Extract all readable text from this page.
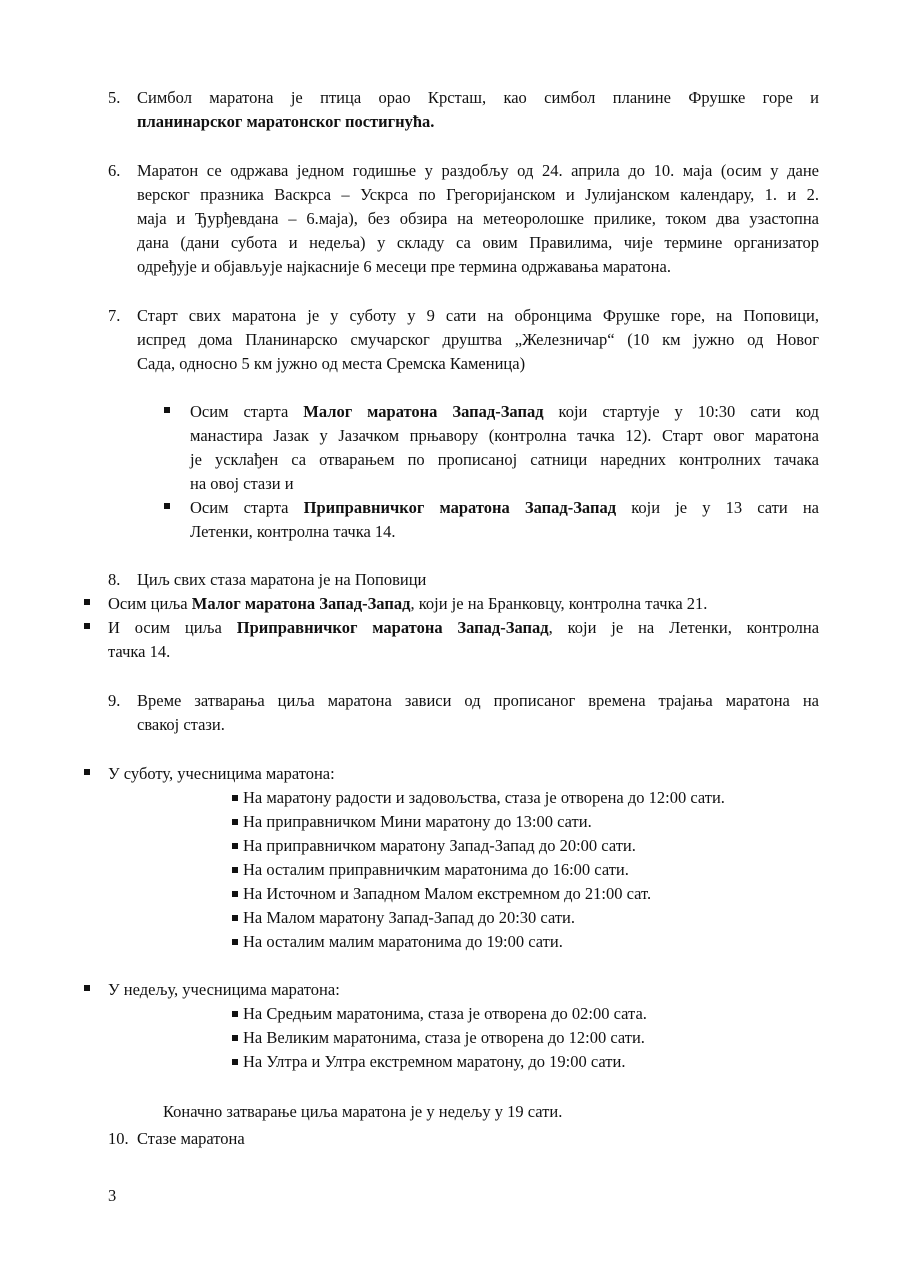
5. Симбол маратона је птица орао Крсташ, као симбол планине Фрушке горе и
планинарског маратонског постигнућа.
6. Маратон се одржава једном годишње у раздобљу од 24. априла до 10. маја (осим у дане
верског празника Васкрса – Ускрса по Грегоријанском и Јулијанском календару, 1. и 2.
маја и Ђурђевдана – 6.маја), без обзира на метеоролошке прилике, током два узастопна
дана (дани субота и недеља) у складу са овим Правилима, чије термине организатор
одређује и објављује најкасније 6 месеци пре термина одржавања маратона.
7. Старт свих маратона је у суботу у 9 сати на обронцима Фрушке горе, на Поповици,
испред дома Планинарско смучарског друштва „Железничар“ (10 км јужно од Новог
Сада, односно 5 км јужно од места Сремска Каменица)
Осим старта Малог маратона Запад-Запад који стартује у 10:30 сати код
манастира Јазак у Јазачком прњавору (контролна тачка 12). Старт овог маратона
је усклађен са отварањем по прописаној сатници наредних контролних тачака
на овој стази и
Осим старта Приправничког маратона Запад-Запад који је у 13 сати на
Летенки, контролна тачка 14.
8. Циљ свих стаза маратона је на Поповици
Осим циља Малог маратона Запад-Запад, који је на Бранковцу, контролна тачка 21.
И осим циља Приправничког маратона Запад-Запад, који је на Летенки, контролна
тачка 14.
9. Време затварања циља маратона зависи од прописаног времена трајања маратона на
свакој стази.
У суботу, учесницима маратона:
На маратону радости и задовољства, стаза је отворена до 12:00 сати.
На приправничком Мини маратону до 13:00 сати.
На приправничком маратону Запад-Запад до 20:00 сати.
На осталим приправничким маратонима до 16:00 сати.
На Источном и Западном Малом екстремном до 21:00 сат.
На Малом маратону Запад-Запад до 20:30 сати.
На осталим малим маратонима до 19:00 сати.
У недељу, учесницима маратона:
На Средњим маратонима, стаза је отворена до 02:00 сата.
На Великим маратонима, стаза је отворена до 12:00 сати.
На Ултра и Ултра екстремном маратону, до 19:00 сати.
Коначно затварање циља маратона је у недељу у 19 сати.
10. Стазе маратона
3
